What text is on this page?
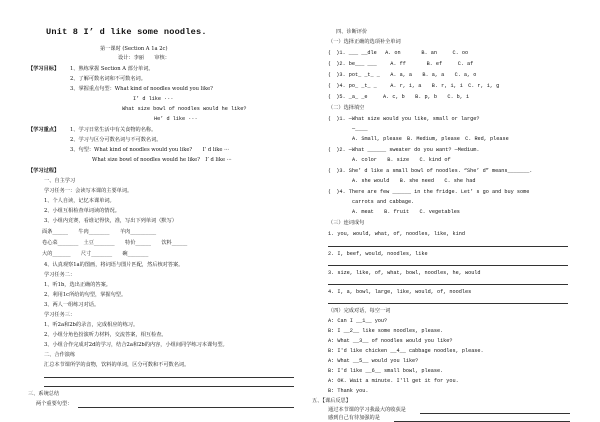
Unit 8 I’ d like some noodles.
第一课时 (Section A 1a 2c)
设计：李丽　　审核：
【学习目标】 1、熟练掌握 Section A 部分单词。
2、了解可数名词和不可数名词。
3、掌握重点句型：What kind of noodles would you like?
I’ d like ···
What size bowl of noodles would he like?
He’ d like ···
【学习重点】 1、学习日常生活中有关食物的名称。
2、学习与区分可数名词与不可数名词。
3、句型：What kind of noodles would you like?　　I’ d like ···
What size bowl of noodles would he like?　I’ d like ···
【学习过程】
一、自主学习
学习任务一：会读写本课的主要单词。
1、个人自读，记忆本课单词。
2、小组互相检查单词读的情况。
3、小组内竞赛，看谁记得快，准，写出下列单词（默写）
面条______　　牛肉________　　羊肉__________
卷心菜________　土豆________　　特价______　　饮料______
大的_______　　尺寸________　　碗________
4、认真观察1a的图画，将词语与图片匹配，然后核对答案。
学习任务二：
1、听1b，选出正确的答案。
2、利用1c所给的句型，掌握句型。
3、两人一组练习对话。
学习任务三：
1、听2a和2b的录音，完成相应的练习。
2、小组分角色扮演听力材料，交流答案，相互检查。
3、小组合作完成对2d的学习，结合2a和2b的内容，小组间同学练习本课句型。
二、合作演练
汇总本节课所学的食物，饮料的单词，区分可数和不可数名词。
三、系统总结
两个重要句型：
四、诊断评价
（一）选择正确的选项补全单词
(　)1. ___ __dle　 A. on　　　　B. an　　　C. oo
(　)2. be___ ___　　 A. ff　　　　B. ef　　　C. af
(　)3. pot_ _t_ _　　A. a, a　　B. a, a　　C. a, o
(　)4. po_ _t_ _　　 A. r, i, a　　B. r, i, i　C. r, i, g
(　)5. _a_ _e　　　A. c, b　　B. p, b　　C. b, i
（二）选择填空
(　)1. —What size would you like, small or large?
—____
A. Small, please　B. Medium, please　C. Red, please
(　)2. —What ______ sweater do you want? —Medium.
A. color　　B. size　　C. kind of
(　)3. She’ d like a small bowl of noodles. “She’ d” means_______.
A. she would　　B. she need　　C. she had
(　)4. There are few ______ in the fridge. Let’ s go and buy some
carrots and cabbage.
A. meat　　B. fruit　　C. vegetables
（三）连词成句
1. you, would, what, of, noodles, like, kind
2. I, beef, would, noodles, like
3. size, like, of, what, bowl, noodles, he, would
4. I, a, bowl, large, like, would, of, noodles
（四）完成对话，每空一词
A: Can I __1__ you?
B: I __2__ like some noodles, please.
A: What __3__ of noodles would you like?
B: I'd like chicken __4__ cabbage noodles, please.
A: What __5__ would you like?
B: I'd like __6__ small bowl, please.
A: OK. Wait a minute. I'll get it for you.
B: Thank you.
五、【课后反思】
通过本节课的学习我最大的收获是
感到自己有待加强的是
